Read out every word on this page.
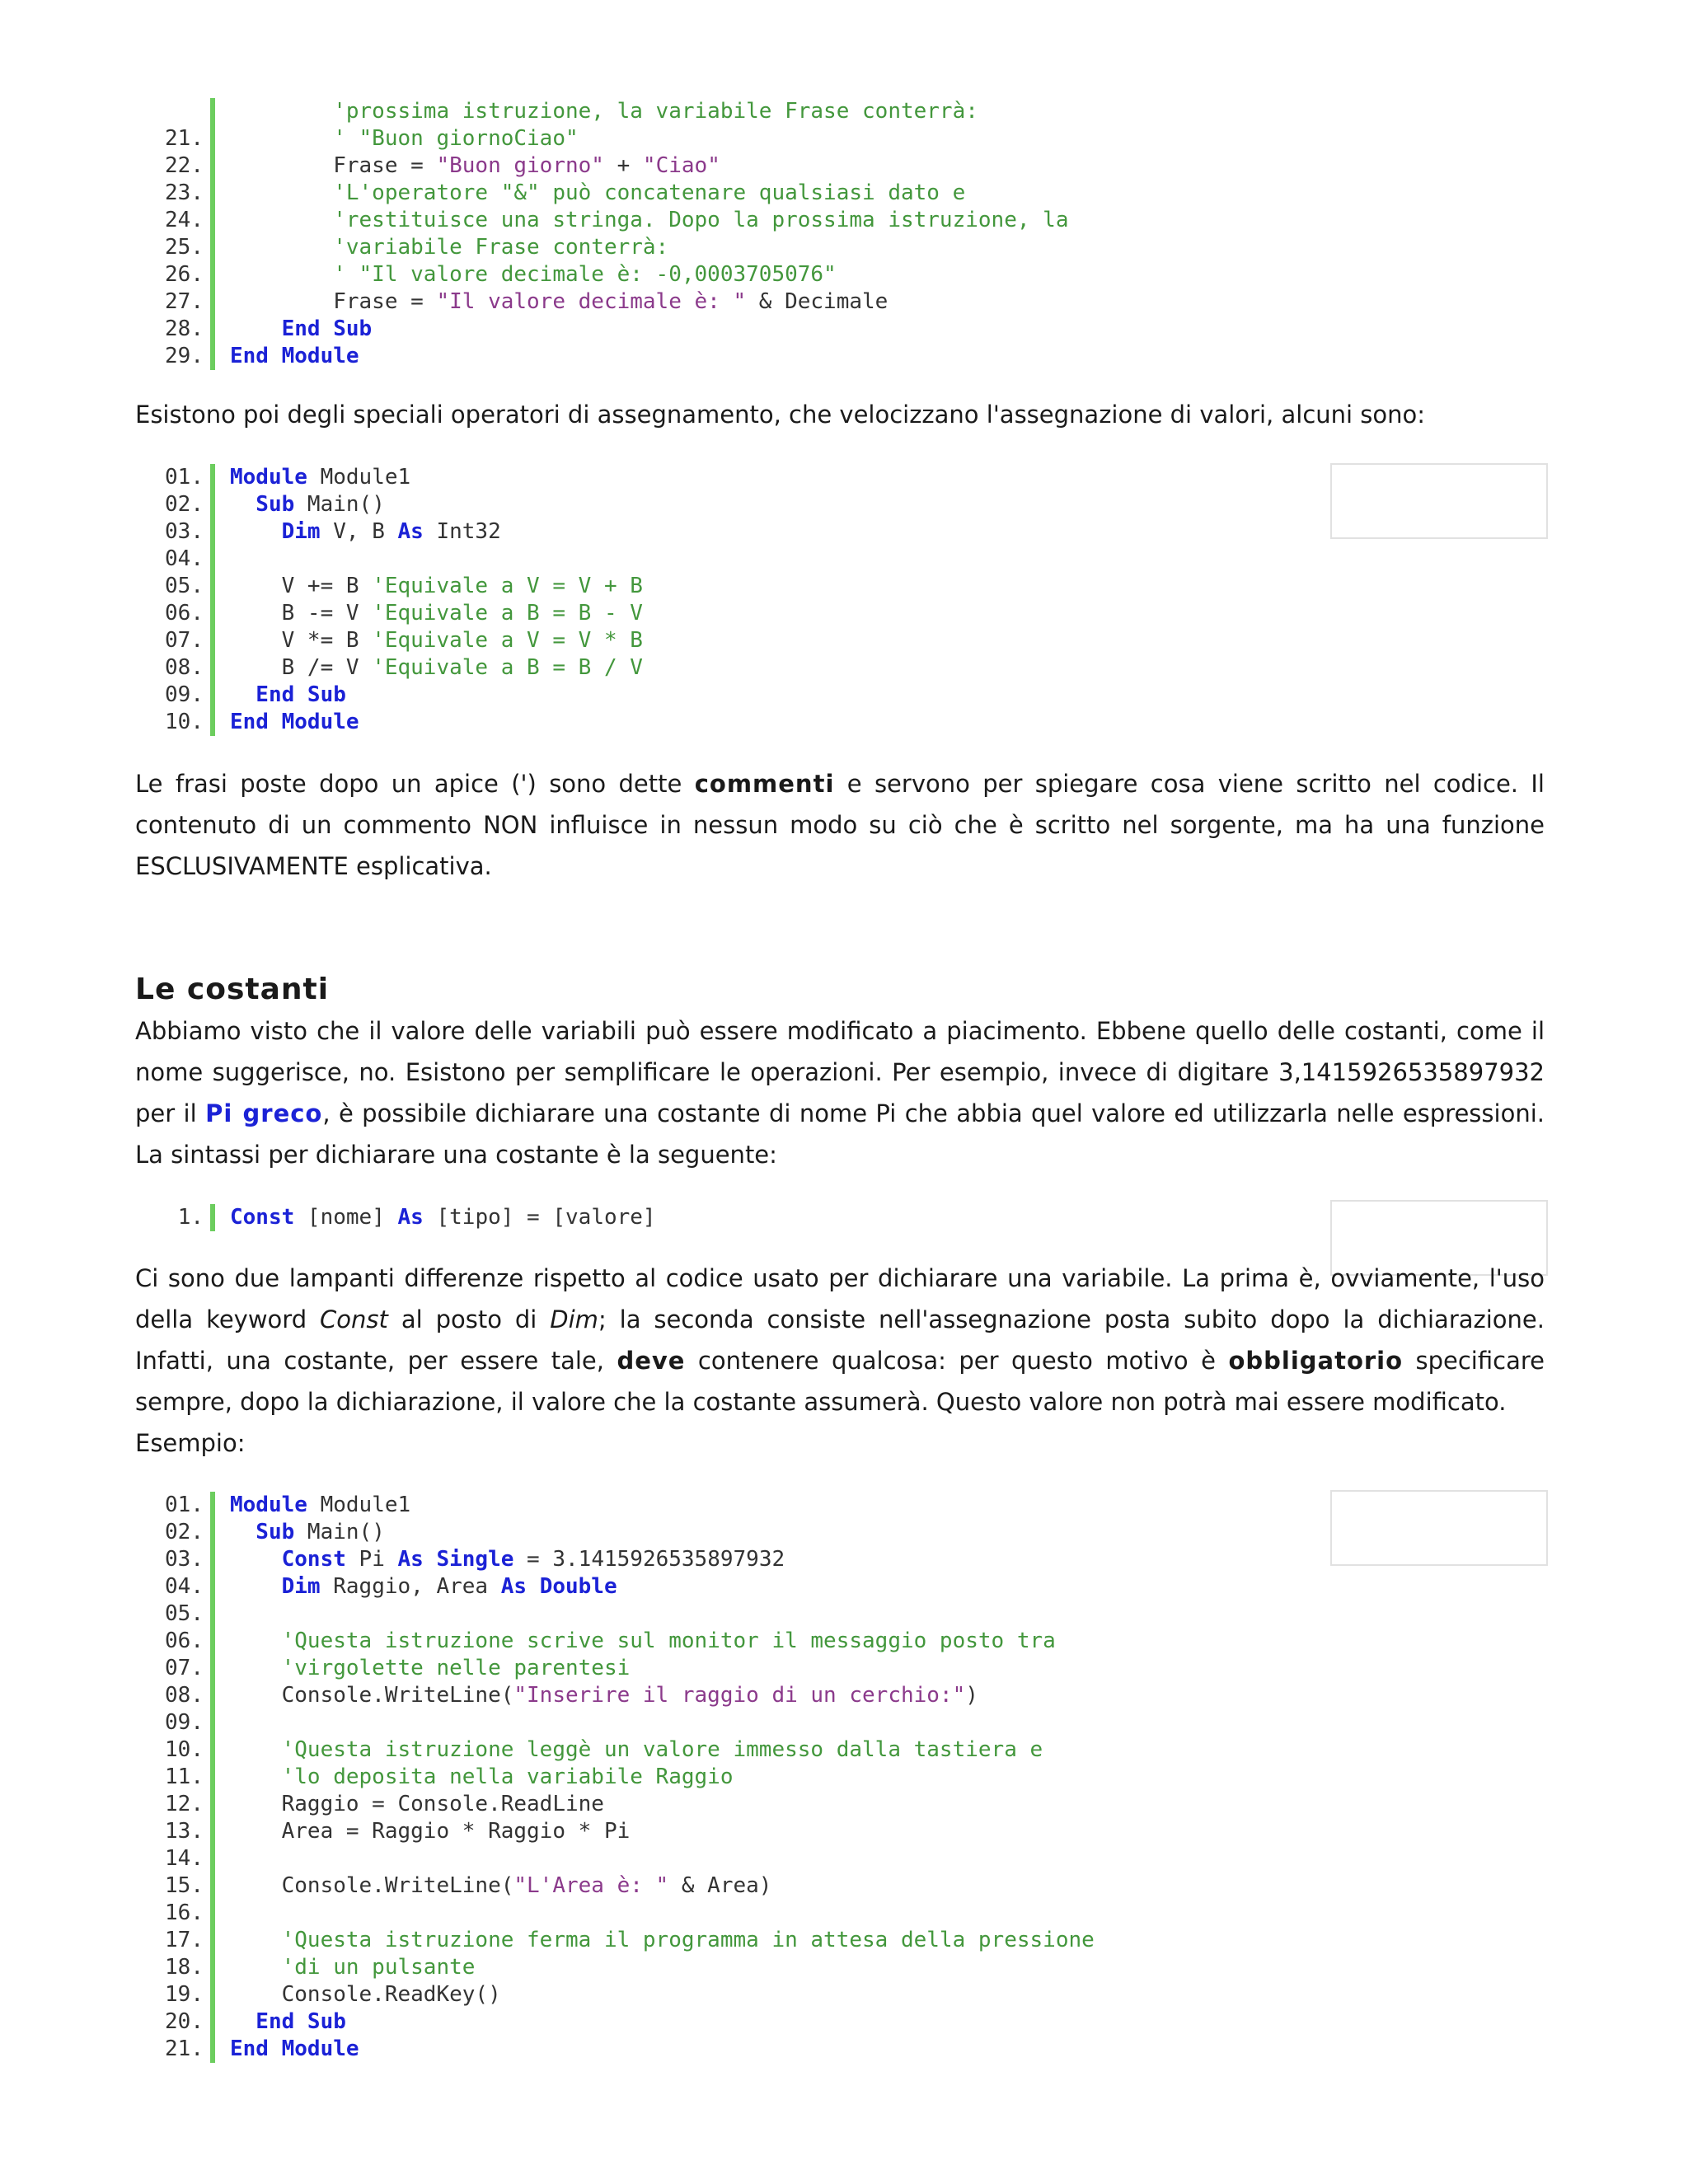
'prossima istruzione, la variabile Frase conterrà:
21.	' "Buon giornoCiao"
22.	Frase = "Buon giorno" + "Ciao"
23.	'L'operatore "&" può concatenare qualsiasi dato e
24.	'restituisce una stringa. Dopo la prossima istruzione, la
25.	'variabile Frase conterrà:
26.	' "Il valore decimale è: -0,0003705076"
27.	Frase = "Il valore decimale è: " & Decimale
28.	End Sub
29.	End Module

Esistono poi degli speciali operatori di assegnamento, che velocizzano l'assegnazione di valori, alcuni sono:

01.	Module Module1
02.	Sub Main()
03.	Dim V, B As Int32
04.
05.	V += B 'Equivale a V = V + B
06.	B -= V 'Equivale a B = B - V
07.	V *= B 'Equivale a V = V * B
08.	B /= V 'Equivale a B = B / V
09.	End Sub
10.	End Module

Le frasi poste dopo un apice (') sono dette commenti e servono per spiegare cosa viene scritto nel codice. Il contenuto di un commento NON influisce in nessun modo su ciò che è scritto nel sorgente, ma ha una funzione ESCLUSIVAMENTE esplicativa.

Le costanti

Abbiamo visto che il valore delle variabili può essere modificato a piacimento. Ebbene quello delle costanti, come il nome suggerisce, no. Esistono per semplificare le operazioni. Per esempio, invece di digitare 3,1415926535897932 per il Pi greco, è possibile dichiarare una costante di nome Pi che abbia quel valore ed utilizzarla nelle espressioni. La sintassi per dichiarare una costante è la seguente:

1.	Const [nome] As [tipo] = [valore]

Ci sono due lampanti differenze rispetto al codice usato per dichiarare una variabile. La prima è, ovviamente, l'uso della keyword Const al posto di Dim; la seconda consiste nell'assegnazione posta subito dopo la dichiarazione. Infatti, una costante, per essere tale, deve contenere qualcosa: per questo motivo è obbligatorio specificare sempre, dopo la dichiarazione, il valore che la costante assumerà. Questo valore non potrà mai essere modificato.

Esempio:

01.	Module Module1
02.	Sub Main()
03.	Const Pi As Single = 3.1415926535897932
04.	Dim Raggio, Area As Double
05.
06.	'Questa istruzione scrive sul monitor il messaggio posto tra
07.	'virgolette nelle parentesi
08.	Console.WriteLine("Inserire il raggio di un cerchio:")
09.
10.	'Questa istruzione leggè un valore immesso dalla tastiera e
11.	'lo deposita nella variabile Raggio
12.	Raggio = Console.ReadLine
13.	Area = Raggio * Raggio * Pi
14.
15.	Console.WriteLine("L'Area è: " & Area)
16.
17.	'Questa istruzione ferma il programma in attesa della pressione
18.	'di un pulsante
19.	Console.ReadKey()
20.	End Sub
21.	End Module
